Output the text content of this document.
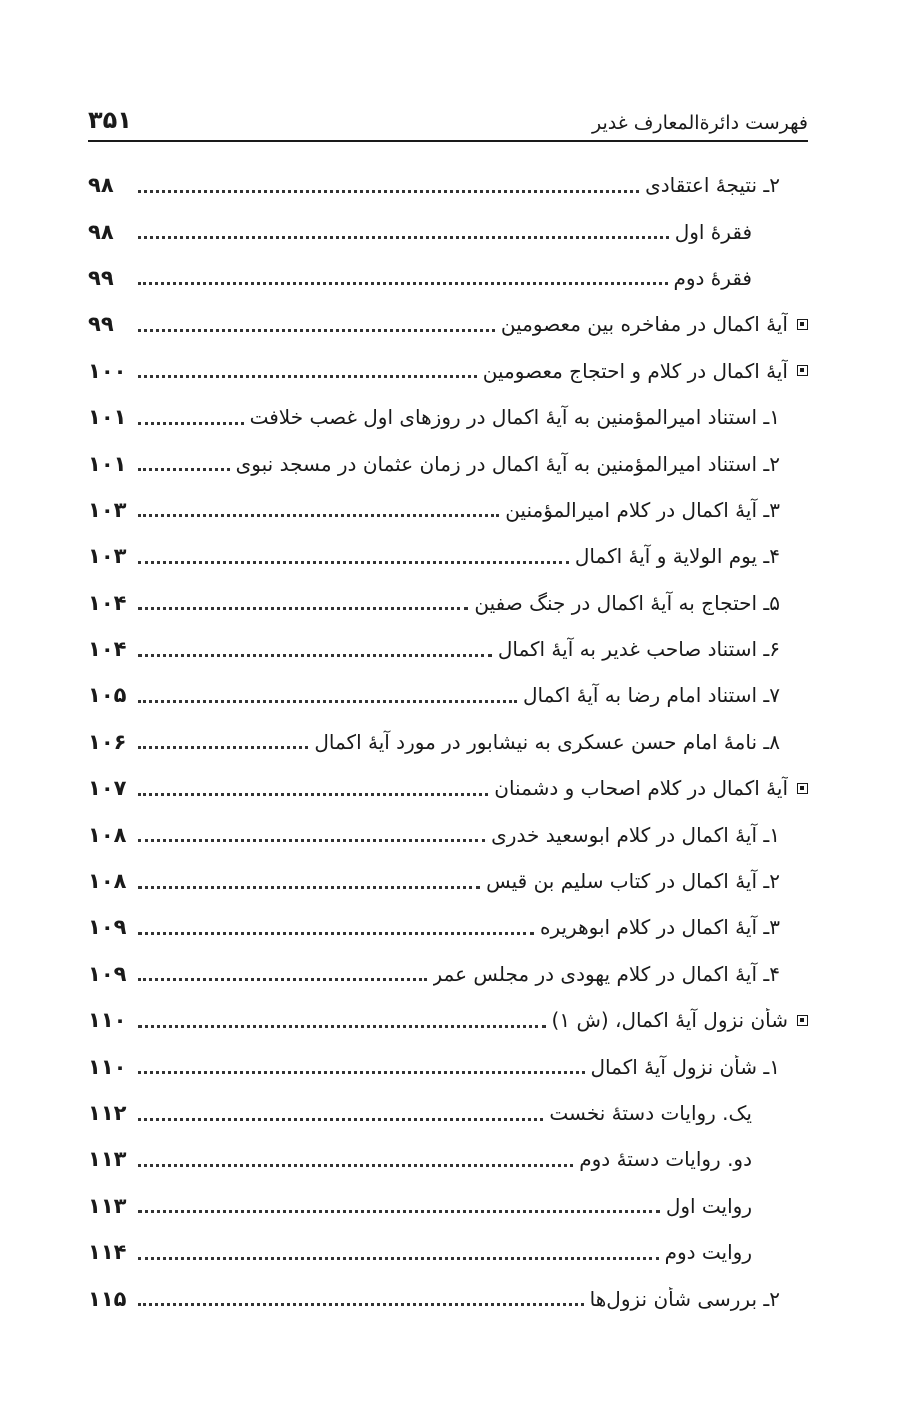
فهرست دائرةالمعارف غدیر
۳۵۱
۲ـ نتیجهٔ اعتقادی
۹۸
فقرهٔ اول
۹۸
فقرهٔ دوم
۹۹
آیهٔ اکمال در مفاخره بین معصومین
۹۹
آیهٔ اکمال در کلام و احتجاج معصومین
۱۰۰
۱ـ استناد امیرالمؤمنین به آیهٔ اکمال در روزهای اول غصب خلافت
۱۰۱
۲ـ استناد امیرالمؤمنین به آیهٔ اکمال در زمان عثمان در مسجد نبوی
۱۰۱
۳ـ آیهٔ اکمال در کلام امیرالمؤمنین
۱۰۳
۴ـ یوم الولایة و آیهٔ اکمال
۱۰۳
۵ـ احتجاج به آیهٔ اکمال در جنگ صفین
۱۰۴
۶ـ استناد صاحب غدیر به آیهٔ اکمال
۱۰۴
۷ـ استناد امام رضا به آیهٔ اکمال
۱۰۵
۸ـ نامهٔ امام حسن عسکری به نیشابور در مورد آیهٔ اکمال
۱۰۶
آیهٔ اکمال در کلام اصحاب و دشمنان
۱۰۷
۱ـ آیهٔ اکمال در کلام ابوسعید خدری
۱۰۸
۲ـ آیهٔ اکمال در کتاب سلیم بن قیس
۱۰۸
۳ـ آیهٔ اکمال در کلام ابوهریره
۱۰۹
۴ـ آیهٔ اکمال در کلام یهودی در مجلس عمر
۱۰۹
شأن نزول آیهٔ اکمال، (ش ۱)
۱۱۰
۱ـ شأن نزول آیهٔ اکمال
۱۱۰
یک. روایات دستهٔ نخست
۱۱۲
دو. روایات دستهٔ دوم
۱۱۳
روایت اول
۱۱۳
روایت دوم
۱۱۴
۲ـ بررسی شأن نزول‌ها
۱۱۵
